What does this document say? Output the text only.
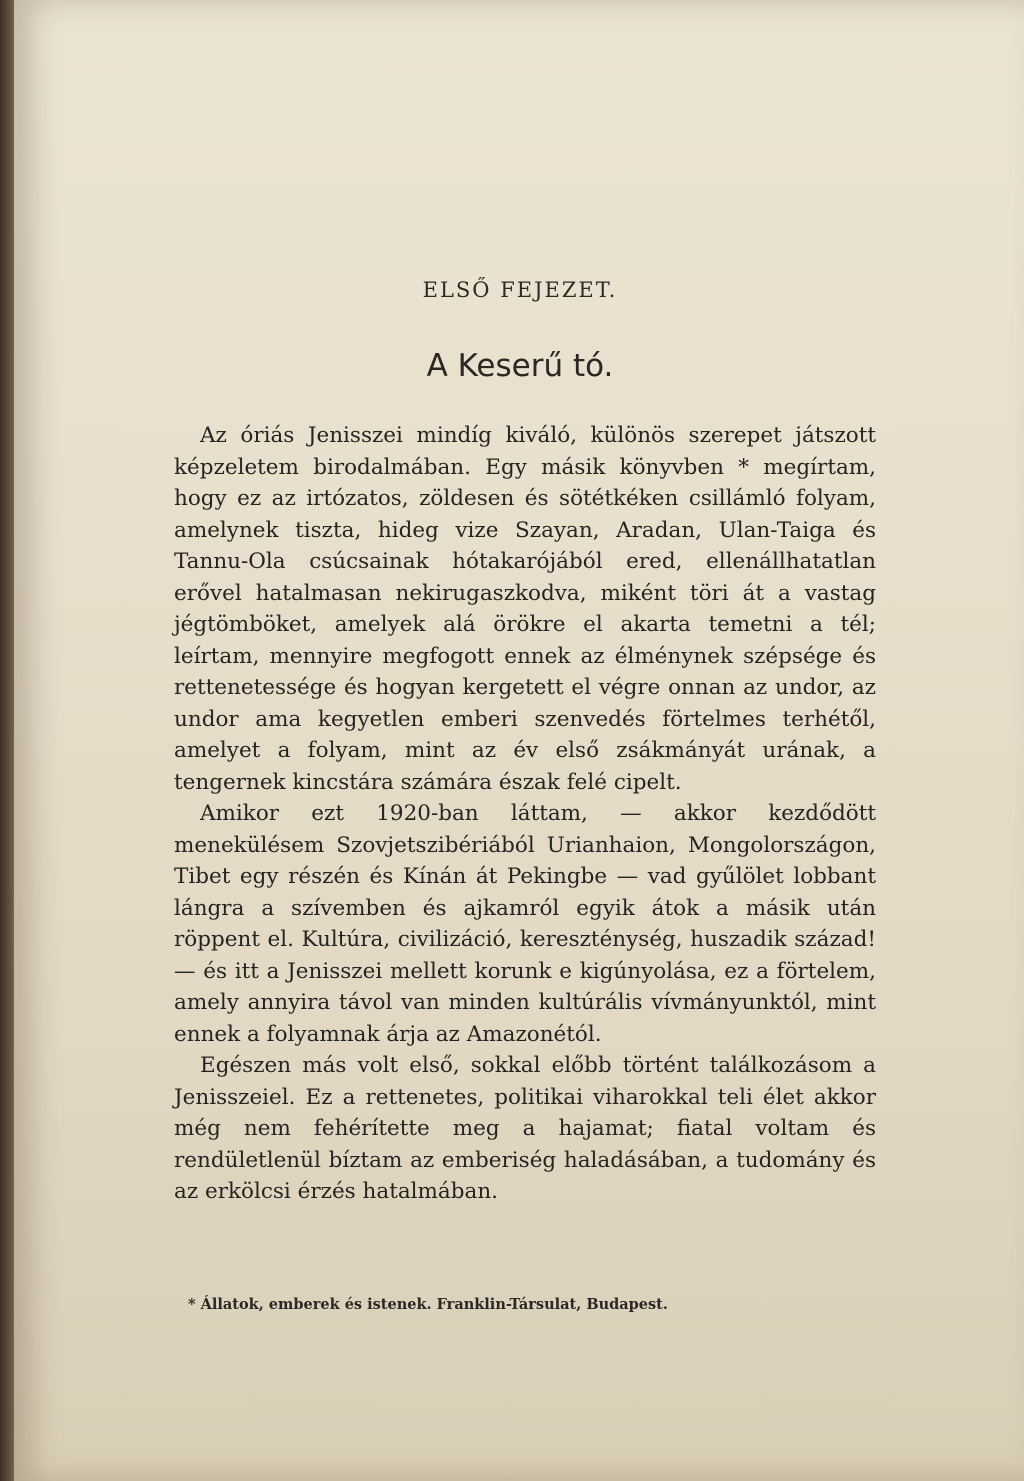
ELSŐ FEJEZET.
A Keserű tó.

Az óriás Jenisszei mindíg kiváló, különös szerepet játszott képzeletem birodalmában. Egy másik könyvben * megírtam, hogy ez az irtózatos, zöldesen és sötétkéken csillámló folyam, amelynek tiszta, hideg vize Szayan, Aradan, Ulan-Taiga és Tannu-Ola csúcsainak hótakarójából ered, ellenállhatatlan erővel hatalmasan nekirugaszkodva, miként töri át a vastag jégtömböket, amelyek alá örökre el akarta temetni a tél; leírtam, mennyire megfogott ennek az élménynek szépsége és rettenetessége és hogyan kergetett el végre onnan az undor, az undor ama kegyetlen emberi szenvedés förtelmes terhétől, amelyet a folyam, mint az év első zsákmányát urának, a tengernek kincstára számára észak felé cipelt.

Amikor ezt 1920-ban láttam, — akkor kezdődött menekülésem Szovjetszibériából Urianhaion, Mongolországon, Tibet egy részén és Kínán át Pekingbe — vad gyűlölet lobbant lángra a szívemben és ajkamról egyik átok a másik után röppent el. Kultúra, civilizáció, kereszténység, huszadik század! — és itt a Jenisszei mellett korunk e kigúnyolása, ez a förtelem, amely annyira távol van minden kultúrális vívmányunktól, mint ennek a folyamnak árja az Amazonétól.

Egészen más volt első, sokkal előbb történt találkozásom a Jenisszeiel. Ez a rettenetes, politikai viharokkal teli élet akkor még nem fehérítette meg a hajamat; fiatal voltam és rendületlenül bíztam az emberiség haladásában, a tudomány és az erkölcsi érzés hatalmában.

* Állatok, emberek és istenek. Franklin-Társulat, Budapest.
